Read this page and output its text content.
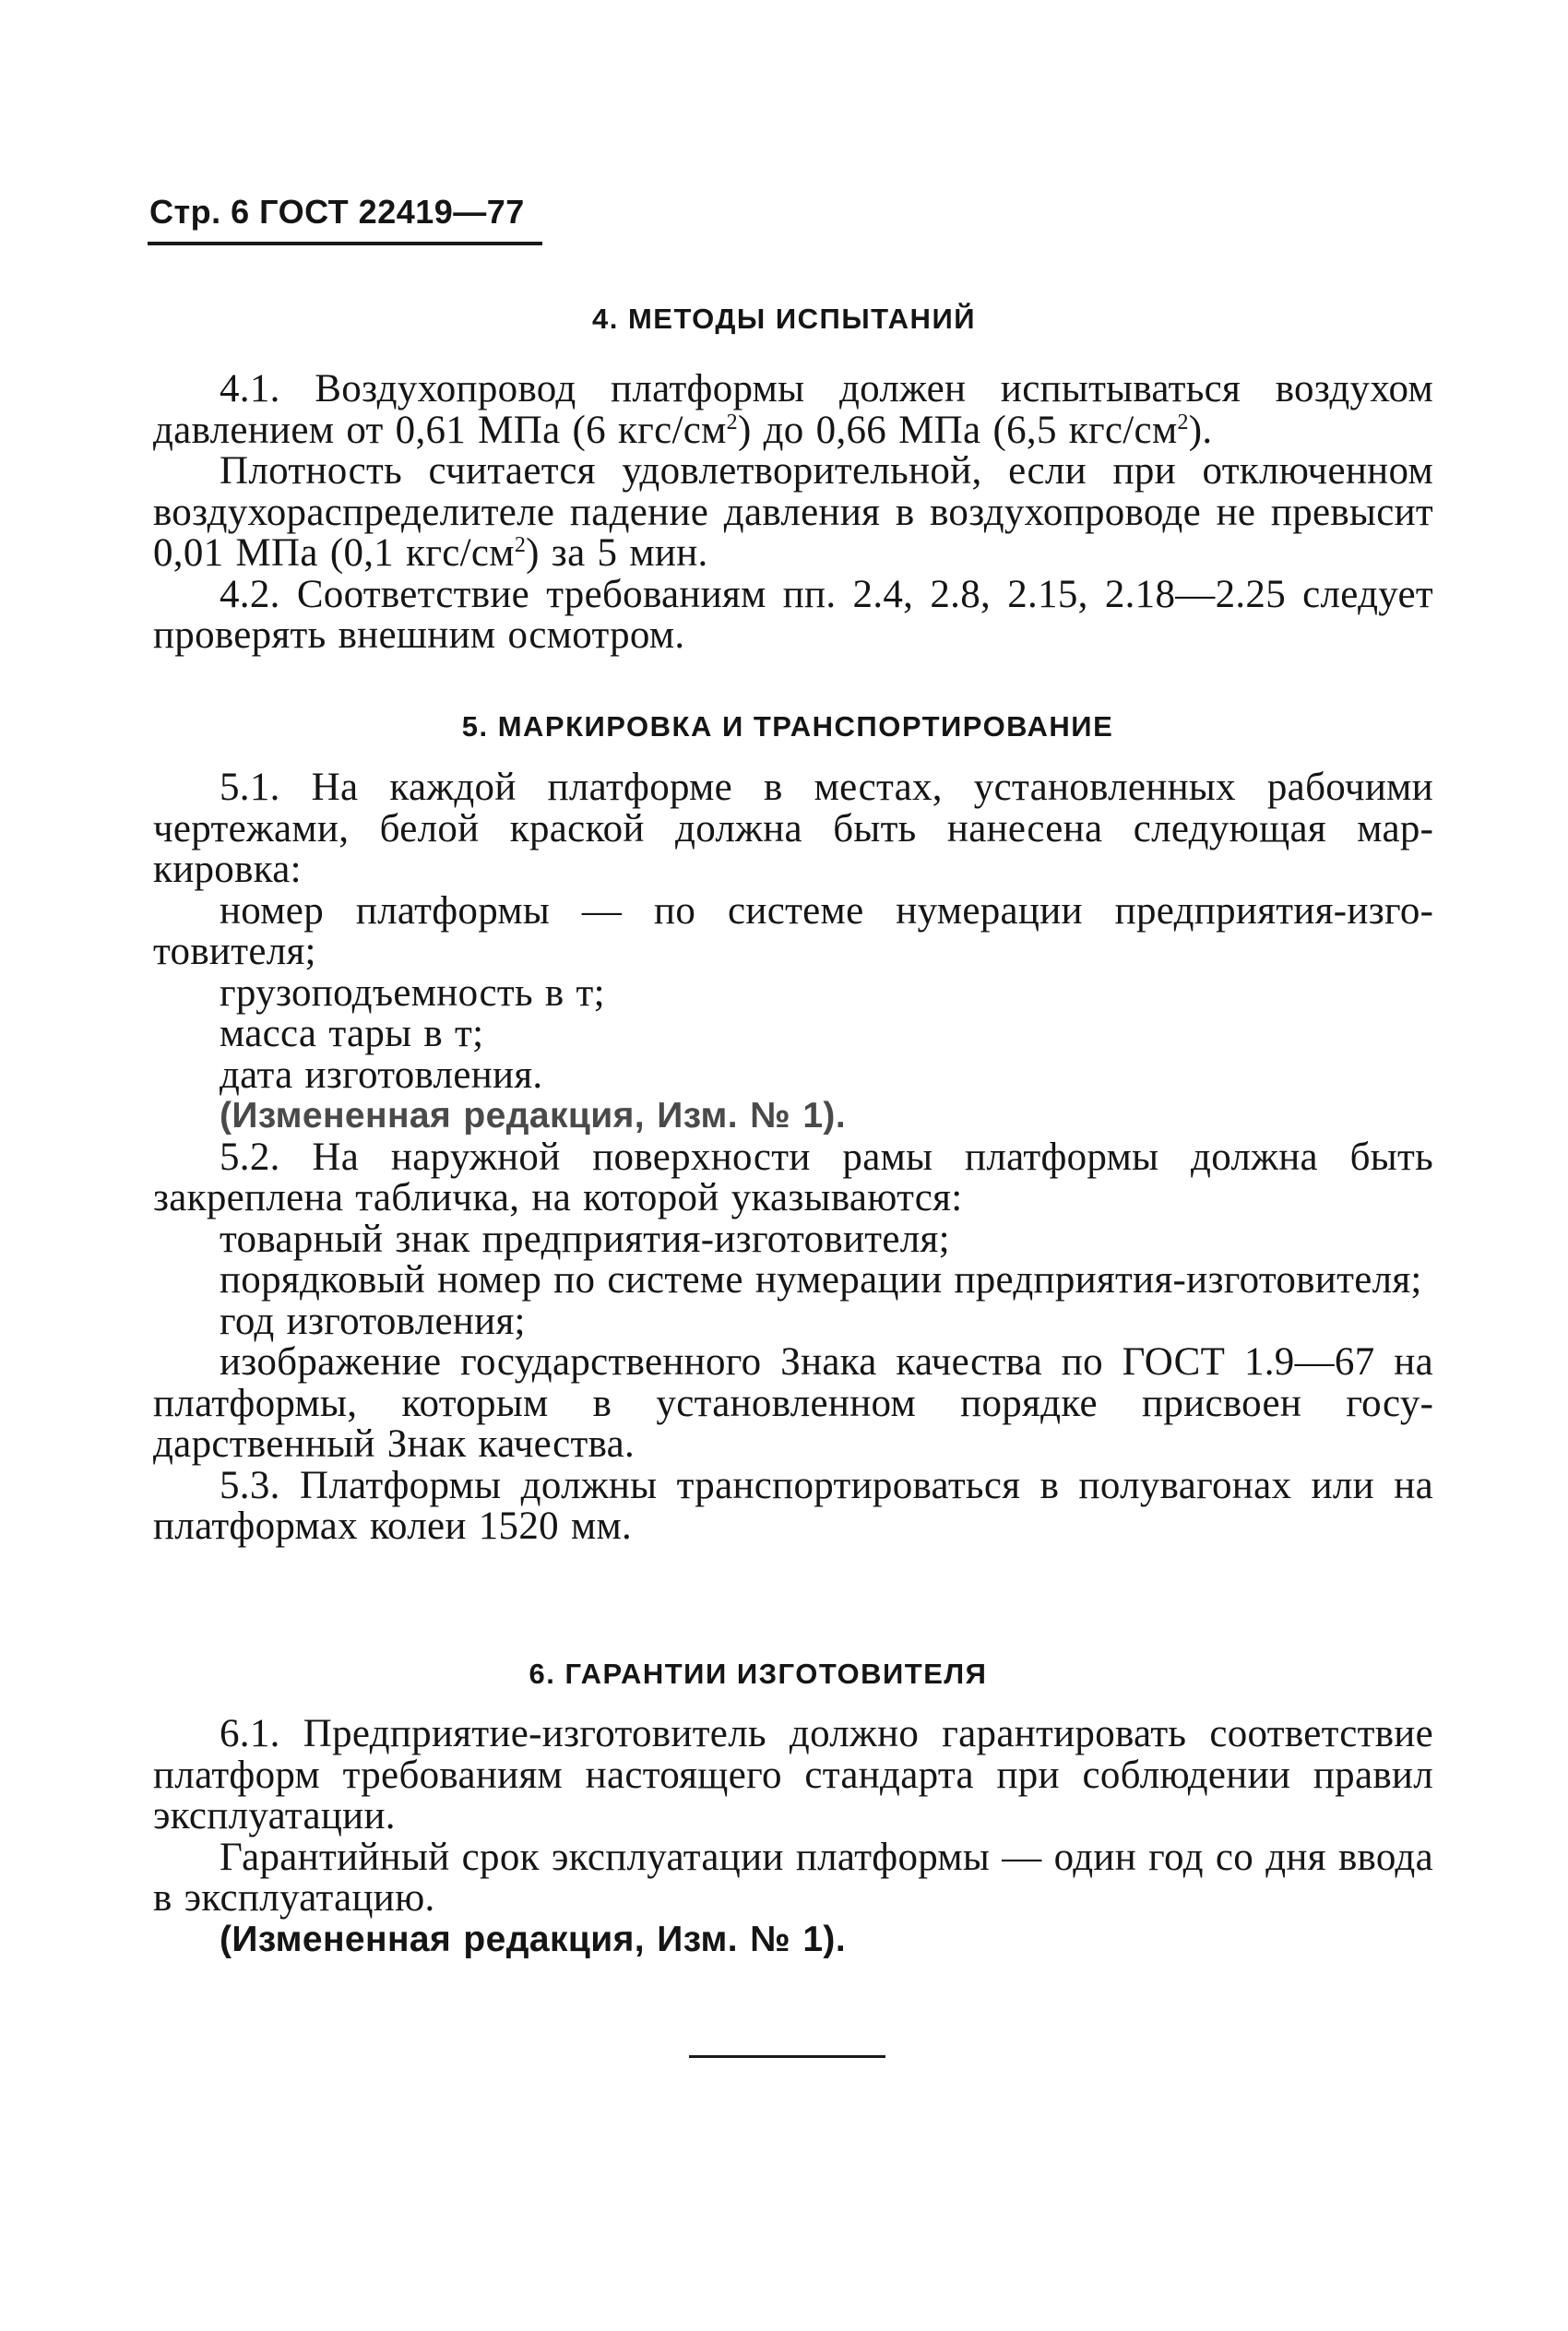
Стр. 6 ГОСТ 22419—77
4. МЕТОДЫ ИСПЫТАНИЙ

4.1. Воздухопровод платформы должен испытываться воздухом давлением от 0,61 МПа (6 кгс/$см^2$) до 0,66 МПа (6,5 кгс/$см^2$).

Плотность считается удовлетворительной, если при отключенном воздухораспределителе падение давления в воздухопроводе не превысит 0,01 МПа (0,1 кгс/$см^2$) за 5 мин.

4.2. Соответствие требованиям пп. 2.4, 2.8, 2.15, 2.18—2.25 следует проверять внешним осмотром.

5. МАРКИРОВКА И ТРАНСПОРТИРОВАНИЕ

5.1. На каждой платформе в местах, установленных рабочими чертежами, белой краской должна быть нанесена следующая маркировка:

номер платформы — по системе нумерации предприятия-изготовителя;

грузоподъемность в т;

масса тары в т;

дата изготовления.

(Измененная редакция, Изм. № 1).

5.2. На наружной поверхности рамы платформы должна быть закреплена табличка, на которой указываются:

товарный знак предприятия-изготовителя;

порядковый номер по системе нумерации предприятия-изготовителя;

год изготовления;

изображение государственного Знака качества по ГОСТ 1.9—67 на платформы, которым в установленном порядке присвоен государственный Знак качества.

5.3. Платформы должны транспортироваться в полувагонах или на платформах колеи 1520 мм.

6. ГАРАНТИИ ИЗГОТОВИТЕЛЯ

6.1. Предприятие-изготовитель должно гарантировать соответствие платформ требованиям настоящего стандарта при соблюдении правил эксплуатации.

Гарантийный срок эксплуатации платформы — один год со дня ввода в эксплуатацию.

(Измененная редакция, Изм. № 1).
